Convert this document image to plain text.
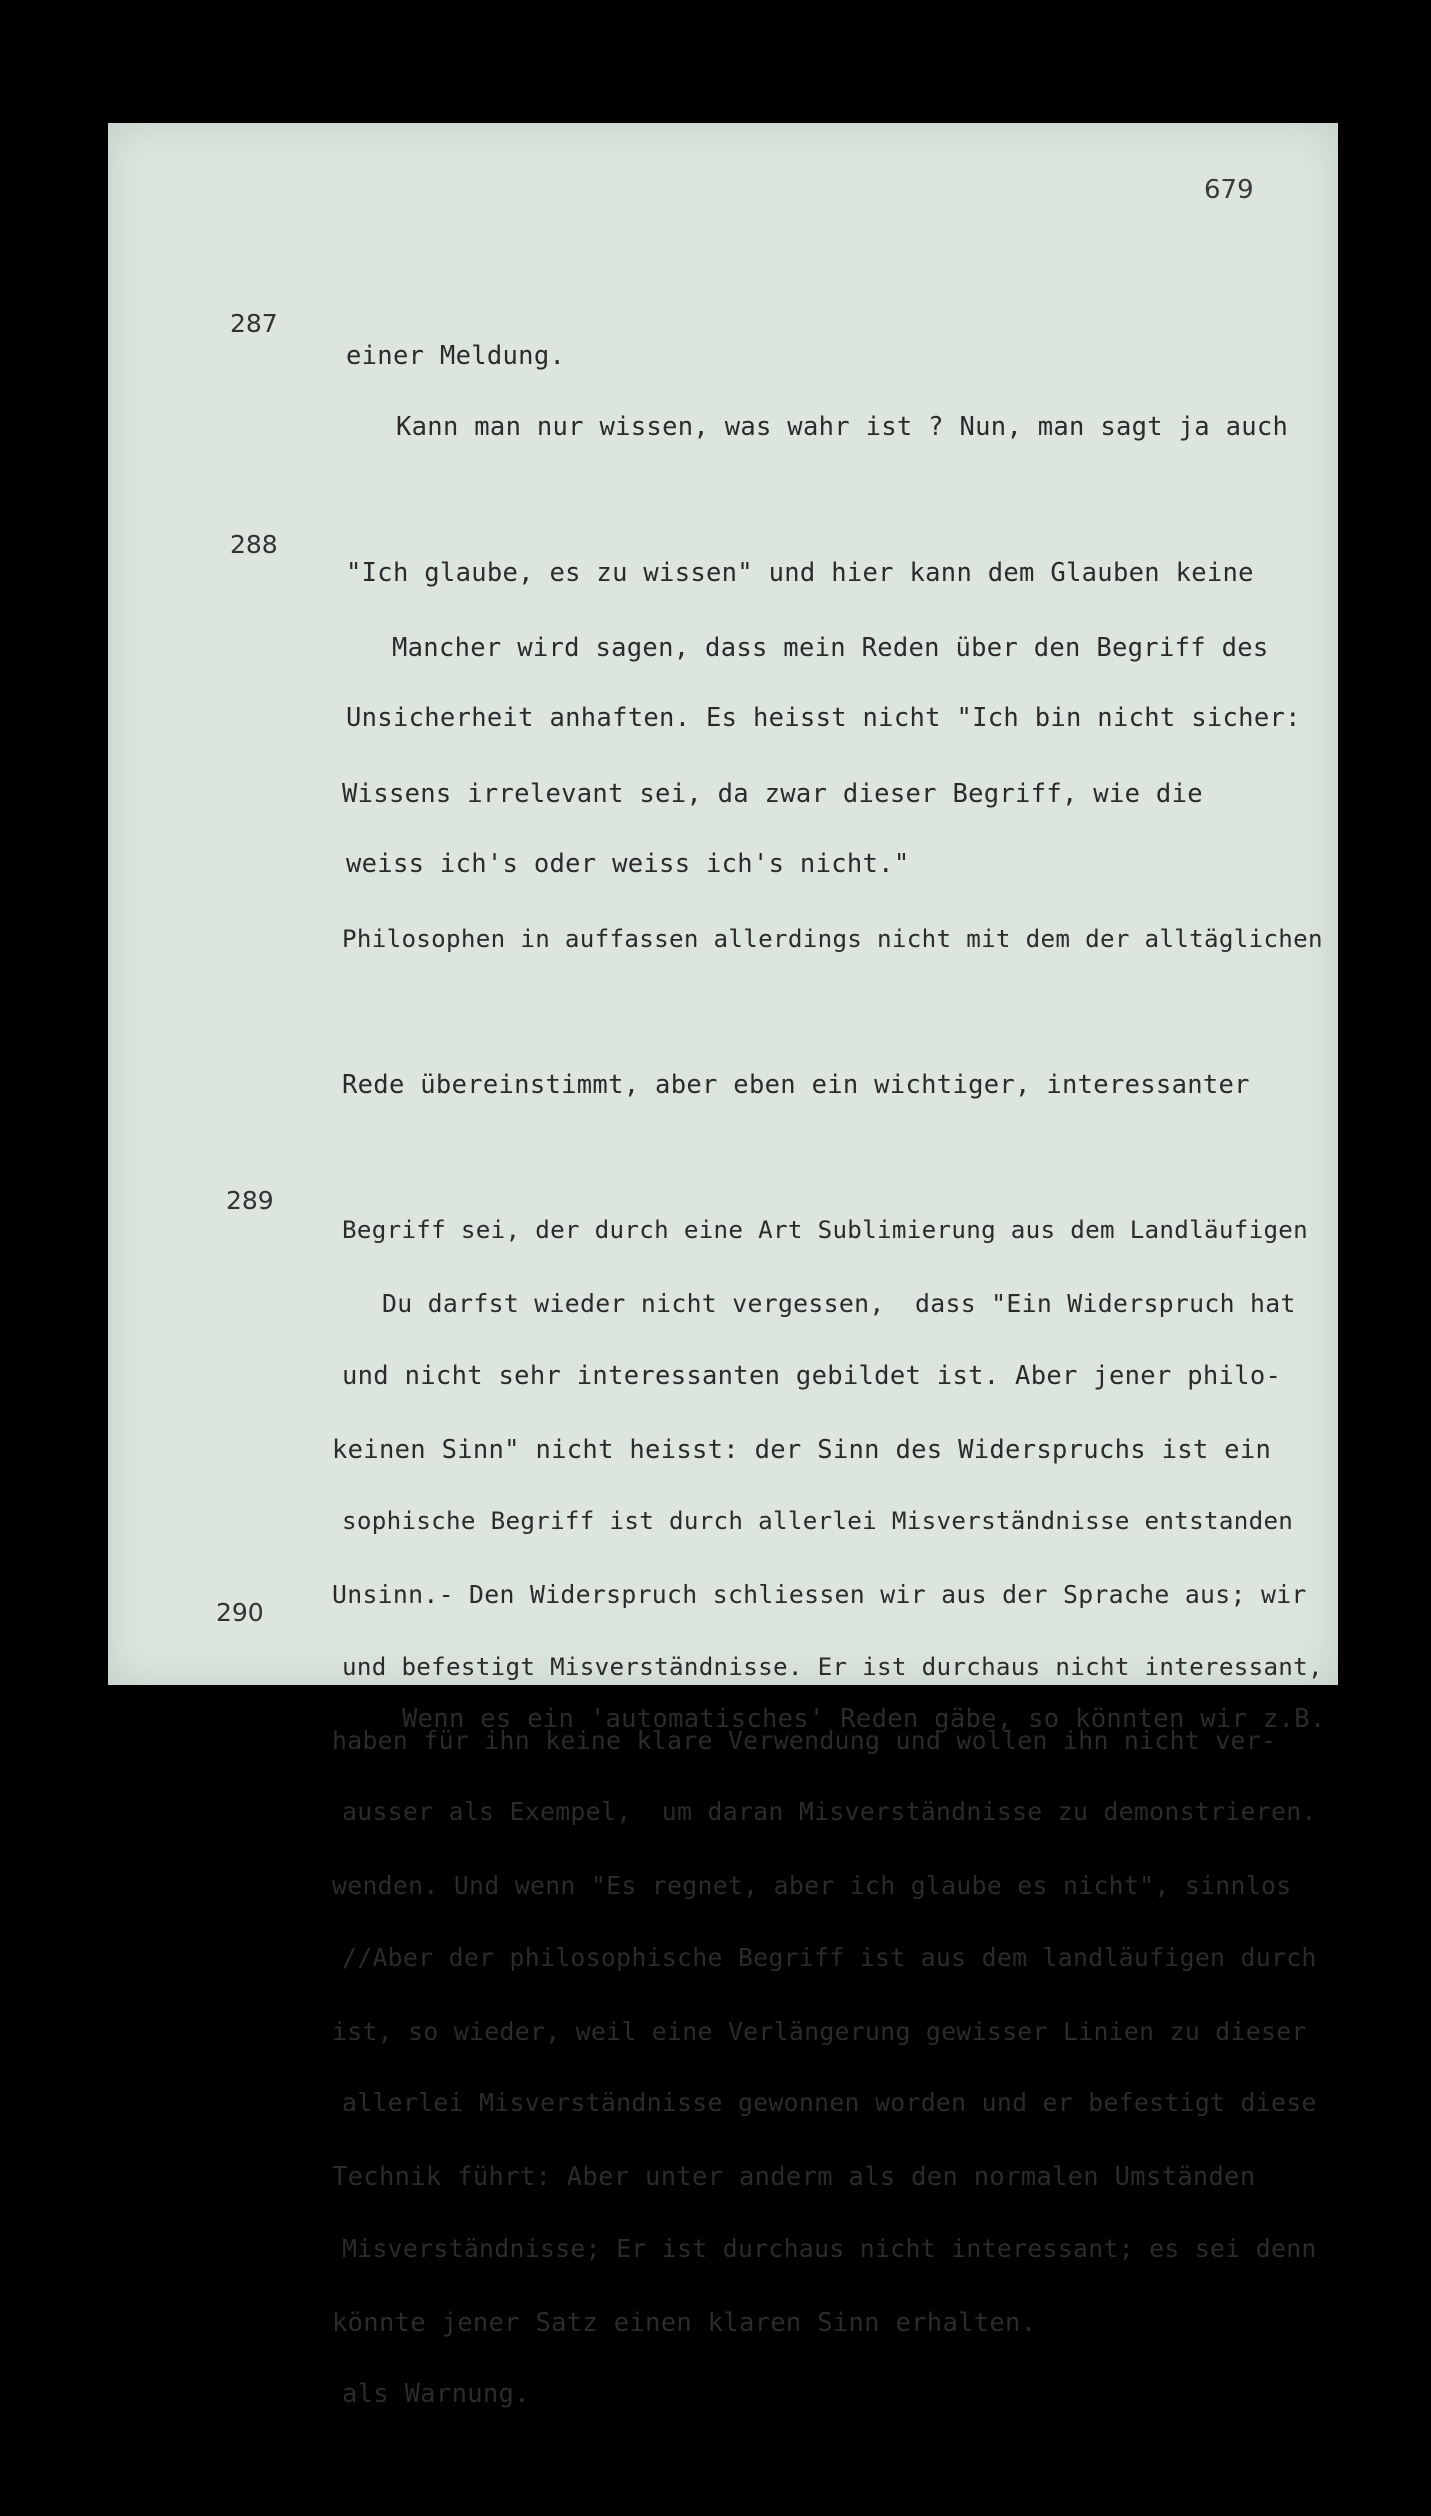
679

einer Meldung.

287

Kann man nur wissen, was wahr ist ? Nun, man sagt ja auch

"Ich glaube, es zu wissen" und hier kann dem Glauben keine

Unsicherheit anhaften. Es heisst nicht "Ich bin nicht sicher:

weiss ich's oder weiss ich's nicht."

288

Mancher wird sagen, dass mein Reden über den Begriff des

Wissens irrelevant sei, da zwar dieser Begriff, wie die

Philosophen in auffassen allerdings nicht mit dem der alltäglichen

Rede übereinstimmt, aber eben ein wichtiger, interessanter

Begriff sei, der durch eine Art Sublimierung aus dem Landläufigen

und nicht sehr interessanten gebildet ist. Aber jener philo-

sophische Begriff ist durch allerlei Misverständnisse entstanden

und befestigt Misverständnisse. Er ist durchaus nicht interessant,

ausser als Exempel,  um daran Misverständnisse zu demonstrieren.

//Aber der philosophische Begriff ist aus dem landläufigen durch

allerlei Misverständnisse gewonnen worden und er befestigt diese

Misverständnisse; Er ist durchaus nicht interessant; es sei denn

als Warnung.

289

Du darfst wieder nicht vergessen,  dass "Ein Widerspruch hat

keinen Sinn" nicht heisst: der Sinn des Widerspruchs ist ein

Unsinn.- Den Widerspruch schliessen wir aus der Sprache aus; wir

haben für ihn keine klare Verwendung und wollen ihn nicht ver-

wenden. Und wenn "Es regnet, aber ich glaube es nicht", sinnlos

ist, so wieder, weil eine Verlängerung gewisser Linien zu dieser

Technik führt: Aber unter anderm als den normalen Umständen

könnte jener Satz einen klaren Sinn erhalten.

290

Wenn es ein 'automatisches' Reden gäbe, so könnten wir z.B.
